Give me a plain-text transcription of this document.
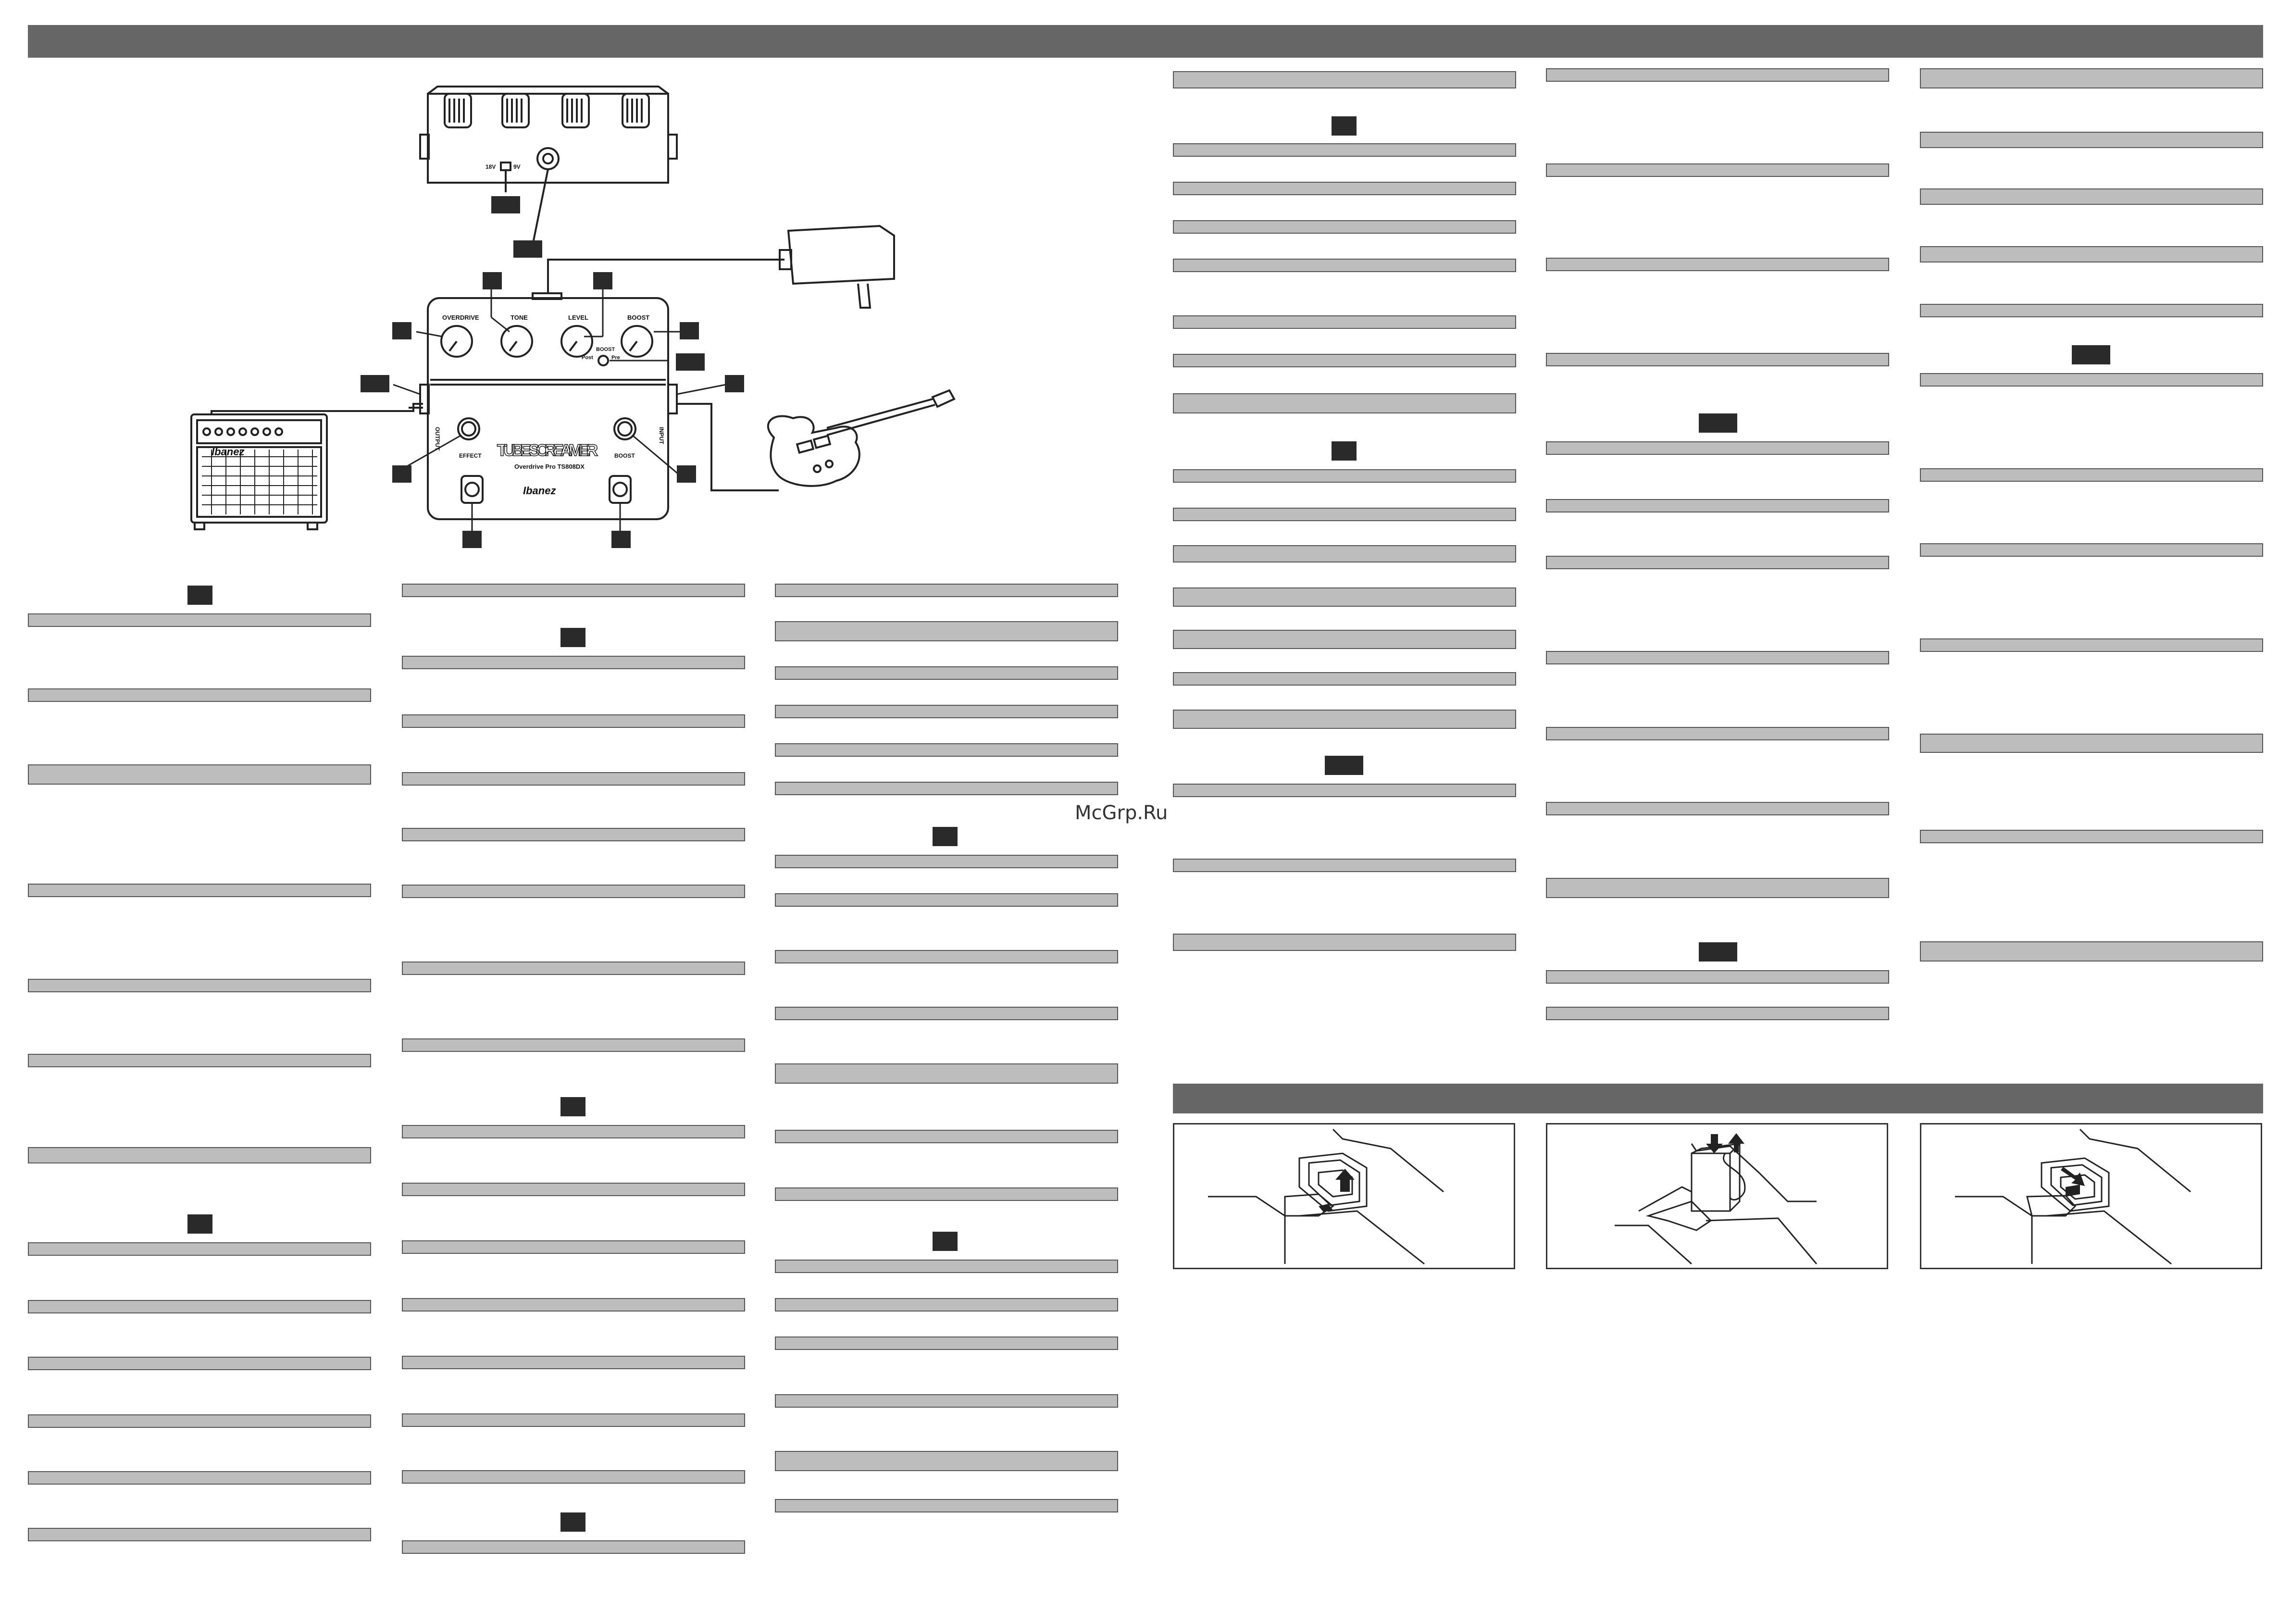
OVERDRIVE	TONE	LEVEL	BOOST
BOOST
Post	Pre
TUBE SCREAMER
Overdrive Pro TS808DX
Ibanez
EFFECT	BOOST
OUTPUT	INPUT
18V	9V
Ibanez
McGrp.Ru
